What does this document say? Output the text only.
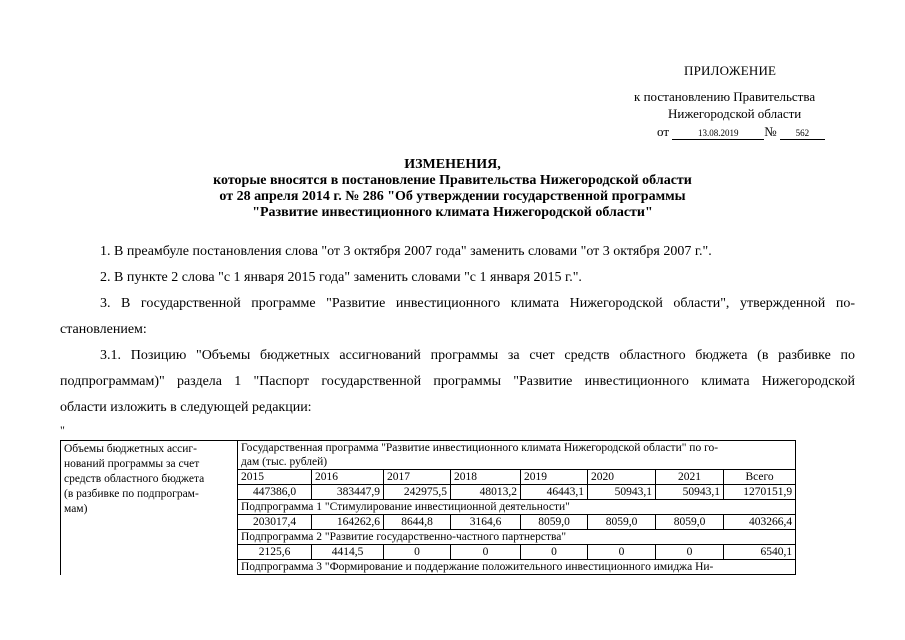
ПРИЛОЖЕНИЕ
к постановлению Правительства
Нижегородской области
от	13.08.2019 № 562
ИЗМЕНЕНИЯ,
которые вносятся в постановление Правительства Нижегородской области
от 28 апреля 2014 г. № 286 "Об утверждении государственной программы
"Развитие инвестиционного климата Нижегородской области"
1. В преамбуле постановления слова "от 3 октября 2007 года" заменить словами "от 3 октября 2007 г.".
2. В пункте 2 слова "с 1 января 2015 года" заменить словами "с 1 января 2015 г.".
3. В государственной программе "Развитие инвестиционного климата Нижегородской области", утвержденной по-
становлением:
3.1. Позицию "Объемы бюджетных ассигнований программы за счет средств областного бюджета (в разбивке по
подпрограммам)" раздела 1 "Паспорт государственной программы "Развитие инвестиционного климата Нижегородской
области изложить в следующей редакции:
"
Объемы бюджетных ассиг-
нований программы за счет
средств областного бюджета
(в разбивке по подпрограм-
мам)	Государственная программа "Развитие инвестиционного климата Нижегородской области" по го-
дам (тыс. рублей)							
	2015	2016	2017	2018	2019	2020	2021	Всего
	447386,0	383447,9	242975,5	48013,2	46443,1	50943,1	50943,1	1270151,9
	Подпрограмма 1 "Стимулирование инвестиционной деятельности"							
	203017,4	164262,6	8644,8	3164,6	8059,0	8059,0	8059,0	403266,4
	Подпрограмма 2 "Развитие государственно-частного партнерства"							
	2125,6	4414,5	0	0	0	0	0	6540,1
	Подпрограмма 3 "Формирование и поддержание положительного инвестиционного имиджа Ни-							
